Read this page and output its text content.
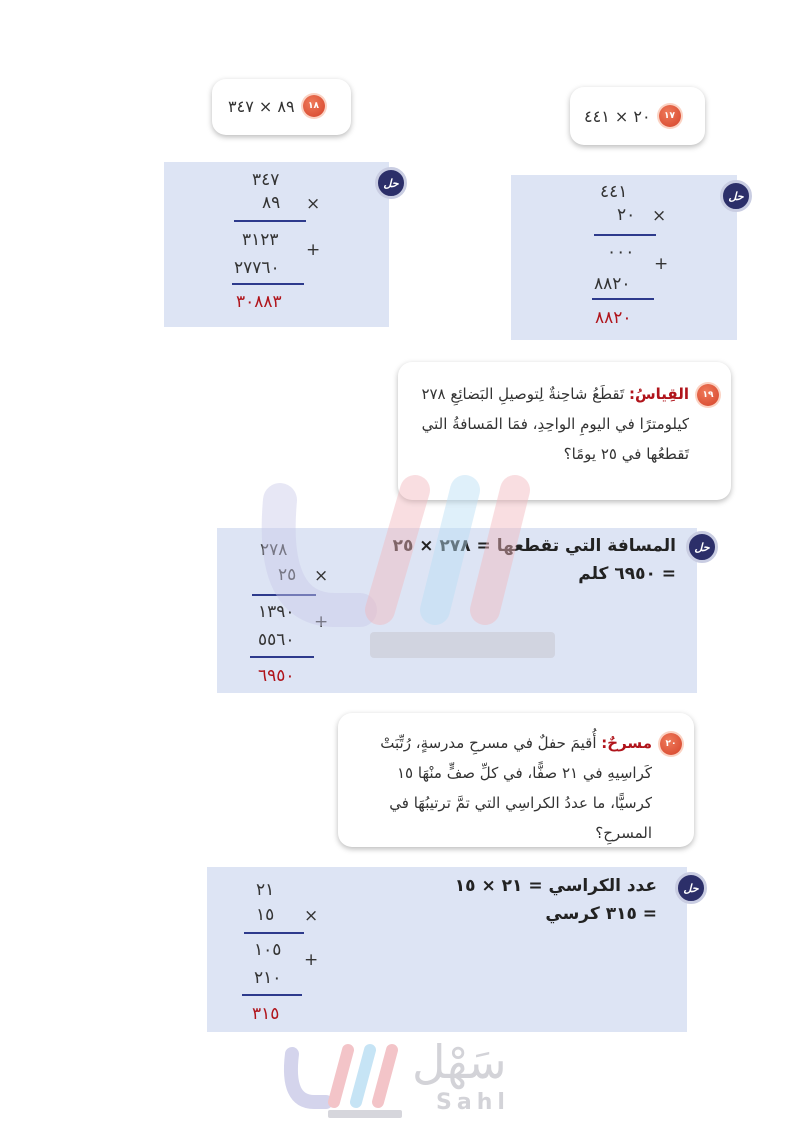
٢٠ × ٤٤١	١٧
حل
٤٤١
٢٠ ×
٠٠٠
+
٨٨٢٠
٨٨٢٠
٨٩ × ٣٤٧	١٨
حل
٣٤٧
٨٩ ×
٣١٢٣ +
٢٧٧٦٠
٣٠٨٨٣
١٩
القِياسُ: تَقطَعُ شاحِنةٌ لِتوصيلِ البَضائِعِ ٢٧٨ كيلومترًا في اليومِ الواحِدِ، فمَا المَسافةُ التي تَقطعُها في ٢٥ يومًا؟
حل
المسافة التي تقطعها = ٢٧٨ × ٢٥
= ٦٩٥٠ كلم
٢٧٨
٢٥ ×
١٣٩٠ +
٥٥٦٠
٦٩٥٠
٢٠
مسرحٌ: أُقيمَ حفلٌ في مسرحِ مدرسةٍ، رُتِّبَتْ كَراسِيهِ في ٢١ صفًّا، في كلِّ صفٍّ منْهَا ١٥ كرسيًّا، ما عددُ الكراسِي التي تمَّ ترتيبُهَا في المسرحِ؟
حل
عدد الكراسي = ٢١ × ١٥
= ٣١٥ كرسي
٢١
١٥ ×
١٠٥ +
٢١٠
٣١٥
سَهْل
Sahl
